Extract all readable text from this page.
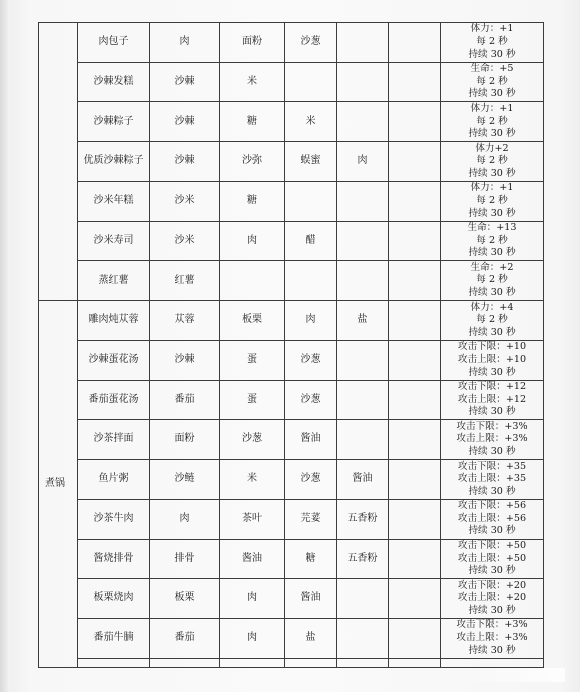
	肉包子	肉	面粉	沙葱			体力：+1
每 2 秒
持续 30 秒

	沙棘发糕	沙棘	米				生命：+5
每 2 秒
持续 30 秒

	沙棘粽子	沙棘	糖	米			体力：+1
每 2 秒
持续 30 秒

	优质沙棘粽子	沙棘	沙弥	蜈蜜	肉		体力+2
每 2 秒
持续 30 秒

	沙米年糕	沙米	糖				体力：+1
每 2 秒
持续 30 秒

	沙米寿司	沙米	肉	醋			生命：+13
每 2 秒
持续 30 秒

	蒸红薯	红薯					生命：+2
每 2 秒
持续 30 秒

煮锅	雕肉炖苁蓉	苁蓉	板栗	肉	盐		体力：+4
每 2 秒
持续 30 秒

	沙棘蛋花汤	沙棘	蛋	沙葱			攻击下限：+10
攻击上限：+10
持续 30 秒

	番茄蛋花汤	番茄	蛋	沙葱			攻击下限：+12
攻击上限：+12
持续 30 秒

	沙茶拌面	面粉	沙葱	酱油			攻击下限：+3%
攻击上限：+3%
持续 30 秒

	鱼片粥	沙鲢	米	沙葱	酱油		攻击下限：+35
攻击上限：+35
持续 30 秒

	沙茶牛肉	肉	茶叶	芫荽	五香粉		攻击下限：+56
攻击上限：+56
持续 30 秒

	酱烧排骨	排骨	酱油	糖	五香粉		攻击下限：+50
攻击上限：+50
持续 30 秒

	板栗烧肉	板栗	肉	酱油			攻击下限：+20
攻击上限：+20
持续 30 秒

	番茄牛腩	番茄	肉	盐			攻击下限：+3%
攻击上限：+3%
持续 30 秒
